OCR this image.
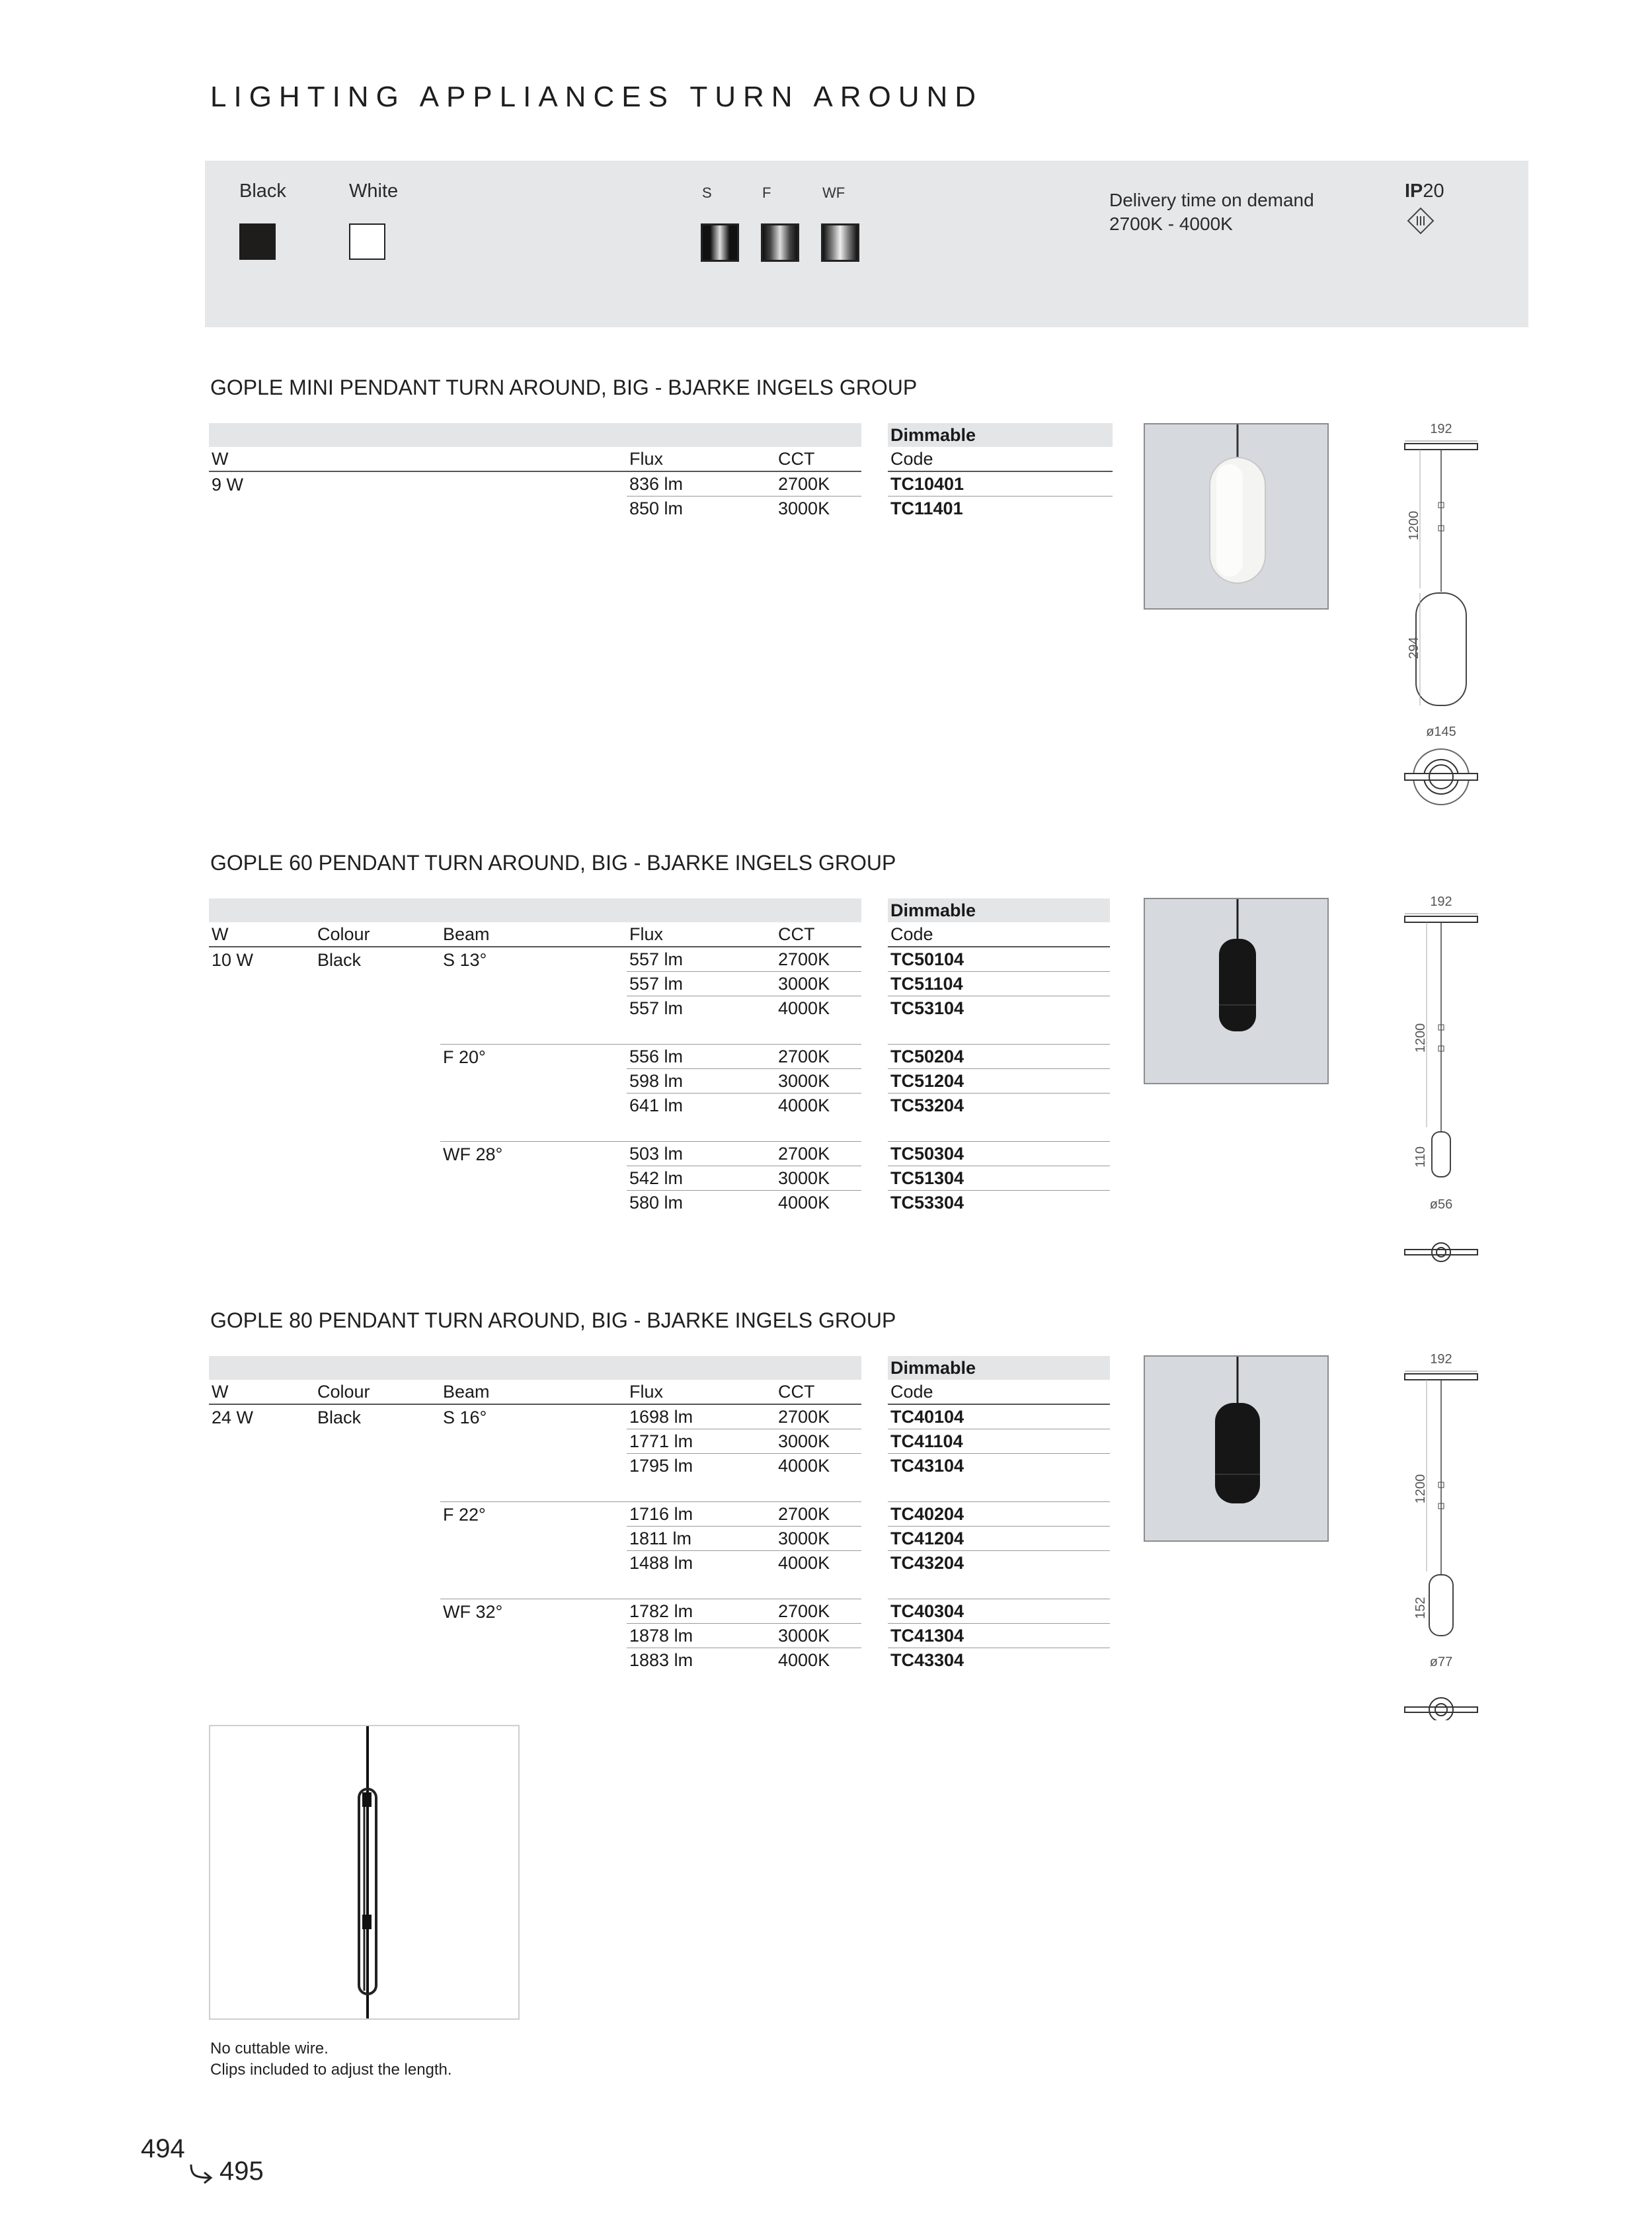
LIGHTING APPLIANCES TURN AROUND
Black	White	S	F	WF	Delivery time on demand
2700K - 4000K
IP20
GOPLE MINI PENDANT TURN AROUND, BIG - BJARKE INGELS GROUP
				Dimmable
W	Flux	CCT		Code
9 W	836 lm	2700K		TC10401
	850 lm	3000K		TC11401
192
1200
294
ø145
GOPLE 60 PENDANT TURN AROUND, BIG - BJARKE INGELS GROUP
						Dimmable
W	Colour	Beam	Flux	CCT		Code
10 W	Black	S 13°	557 lm	2700K		TC50104
			557 lm	3000K		TC51104
			557 lm	4000K		TC53104

		F 20°	556 lm	2700K		TC50204
			598 lm	3000K		TC51204
			641 lm	4000K		TC53204

		WF 28°	503 lm	2700K		TC50304
			542 lm	3000K		TC51304
			580 lm	4000K		TC53304
192
1200
110
ø56
GOPLE 80 PENDANT TURN AROUND, BIG - BJARKE INGELS GROUP
						Dimmable
W	Colour	Beam	Flux	CCT		Code
24 W	Black	S 16°	1698 lm	2700K		TC40104
			1771 lm	3000K		TC41104
			1795 lm	4000K		TC43104

		F 22°	1716 lm	2700K		TC40204
			1811 lm	3000K		TC41204
			1488 lm	4000K		TC43204

		WF 32°	1782 lm	2700K		TC40304
			1878 lm	3000K		TC41304
			1883 lm	4000K		TC43304
192
1200
152
ø77
No cuttable wire.
Clips included to adjust the length.
494
495
